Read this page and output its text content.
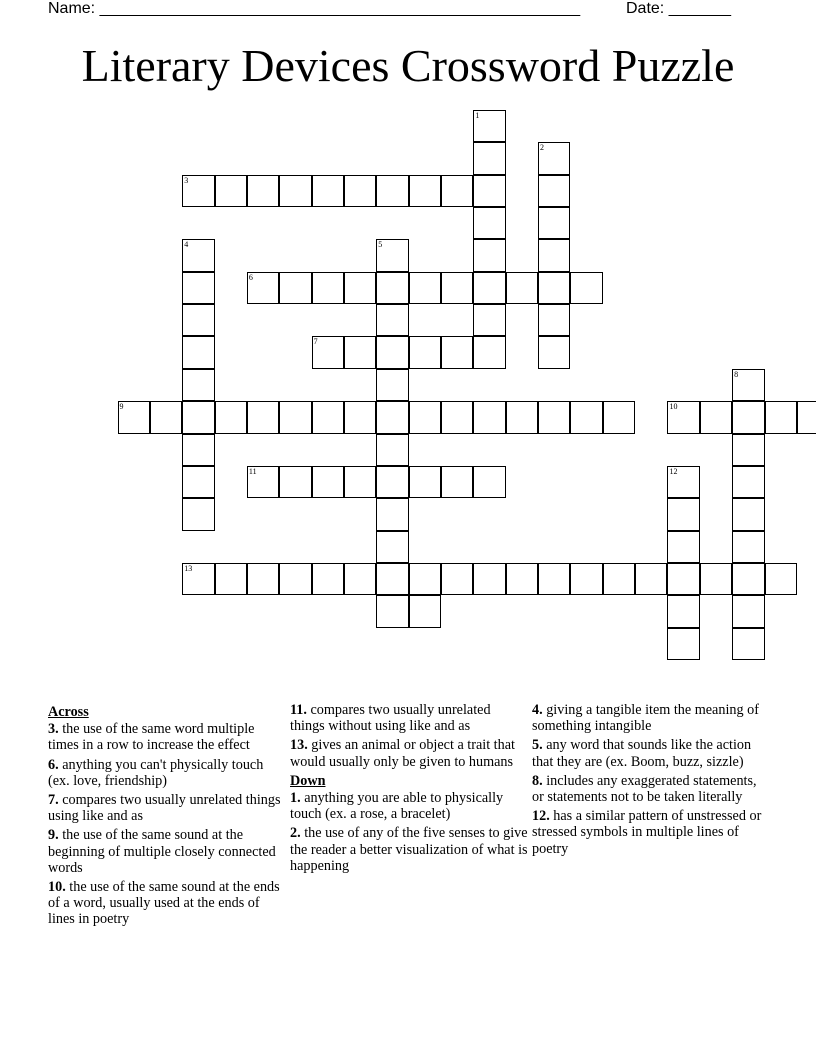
Name: ______________________________________________________	Date: _______
Literary Devices Crossword Puzzle
1
2
3
4	5
6
7
9	10
11	12
8
13
Across
3. the use of the same word multiple times in a row to increase the effect
6. anything you can't physically touch (ex. love, friendship)
7. compares two usually unrelated things using like and as
9. the use of the same sound at the beginning of multiple closely connected words
10. the use of the same sound at the ends of a word, usually used at the ends of lines in poetry
11. compares two usually unrelated things without using like and as
13. gives an animal or object a trait that would usually only be given to humans
Down
1. anything you are able to physically touch (ex. a rose, a bracelet)
2. the use of any of the five senses to give the reader a better visualization of what is happening
4. giving a tangible item the meaning of something intangible
5. any word that sounds like the action that they are (ex. Boom, buzz, sizzle)
8. includes any exaggerated statements, or statements not to be taken literally
12. has a similar pattern of unstressed or stressed symbols in multiple lines of poetry
